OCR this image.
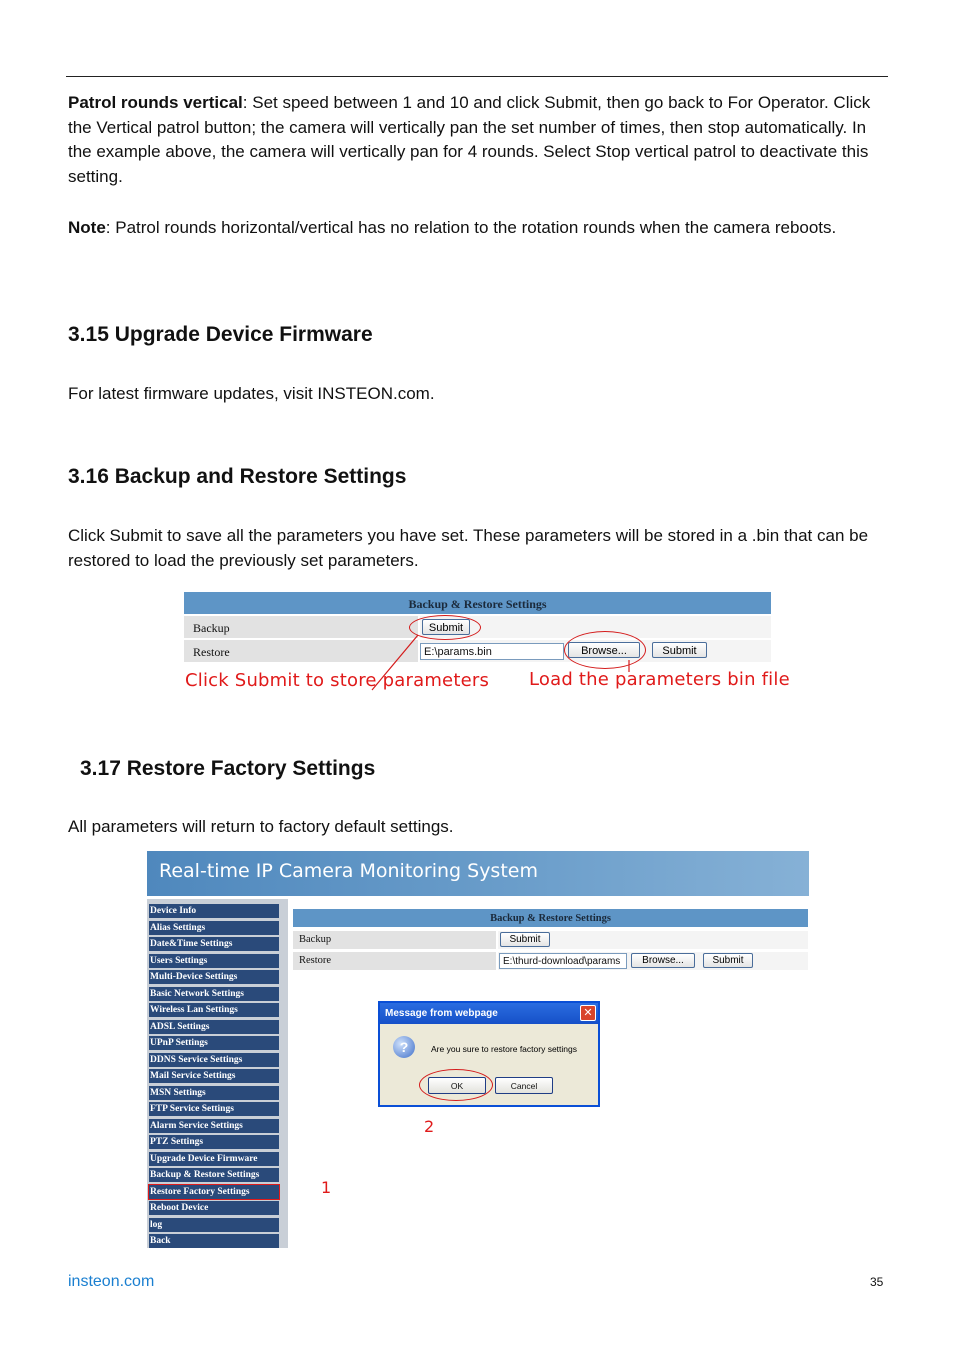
Patrol rounds vertical: Set speed between 1 and 10 and click Submit, then go back to For Operator. Click the Vertical patrol button; the camera will vertically pan the set number of times, then stop automatically. In the example above, the camera will vertically pan for 4 rounds. Select Stop vertical patrol to deactivate this setting.

Note: Patrol rounds horizontal/vertical has no relation to the rotation rounds when the camera reboots.

3.15 Upgrade Device Firmware

For latest firmware updates, visit INSTEON.com.

3.16 Backup and Restore Settings

Click Submit to save all the parameters you have set. These parameters will be stored in a .bin that can be restored to load the previously set parameters.

Backup & Restore Settings
Backup	Submit
Restore	E:\params.bin	Browse...	Submit
Click Submit to store parameters Load the parameters bin file
3.17 Restore Factory Settings

All parameters will return to factory default settings.

Real-time IP Camera Monitoring System
Device Info
Alias Settings
Date&Time Settings
Users Settings
Multi-Device Settings
Basic Network Settings
Wireless Lan Settings
ADSL Settings
UPnP Settings
DDNS Service Settings
Mail Service Settings
MSN Settings
FTP Service Settings
Alarm Service Settings
PTZ Settings
Upgrade Device Firmware
Backup & Restore Settings
Restore Factory Settings
Reboot Device
log
Back
Backup & Restore Settings
Backup	Submit
Restore	E:\thurd-download\params	Browse...	Submit
Message from webpage	✕
?	Are you sure to restore factory settings
OK	Cancel
1
2
insteon.com	35
